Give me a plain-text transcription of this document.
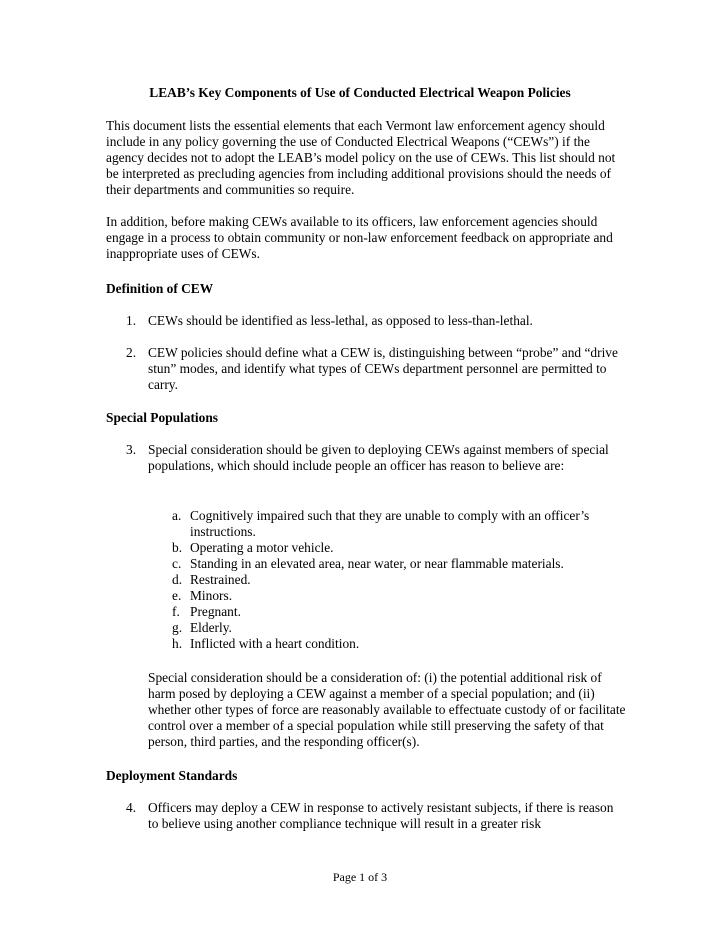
LEAB’s Key Components of Use of Conducted Electrical Weapon Policies

This document lists the essential elements that each Vermont law enforcement agency should include in any policy governing the use of Conducted Electrical Weapons (“CEWs”) if the agency decides not to adopt the LEAB’s model policy on the use of CEWs. This list should not be interpreted as precluding agencies from including additional provisions should the needs of their departments and communities so require.

In addition, before making CEWs available to its officers, law enforcement agencies should engage in a process to obtain community or non-law enforcement feedback on appropriate and inappropriate uses of CEWs.

Definition of CEW
1. CEWs should be identified as less-lethal, as opposed to less-than-lethal.
2. CEW policies should define what a CEW is, distinguishing between “probe” and “drive stun” modes, and identify what types of CEWs department personnel are permitted to carry.
Special Populations
3. Special consideration should be given to deploying CEWs against members of special populations, which should include people an officer has reason to believe are:
a. Cognitively impaired such that they are unable to comply with an officer’s instructions.
b. Operating a motor vehicle.
c. Standing in an elevated area, near water, or near flammable materials.
d. Restrained.
e. Minors.
f. Pregnant.
g. Elderly.
h. Inflicted with a heart condition.

Special consideration should be a consideration of: (i) the potential additional risk of harm posed by deploying a CEW against a member of a special population; and (ii) whether other types of force are reasonably available to effectuate custody of or facilitate control over a member of a special population while still preserving the safety of that person, third parties, and the responding officer(s).

Deployment Standards
4. Officers may deploy a CEW in response to actively resistant subjects, if there is reason to believe using another compliance technique will result in a greater risk
Page 1 of 3
